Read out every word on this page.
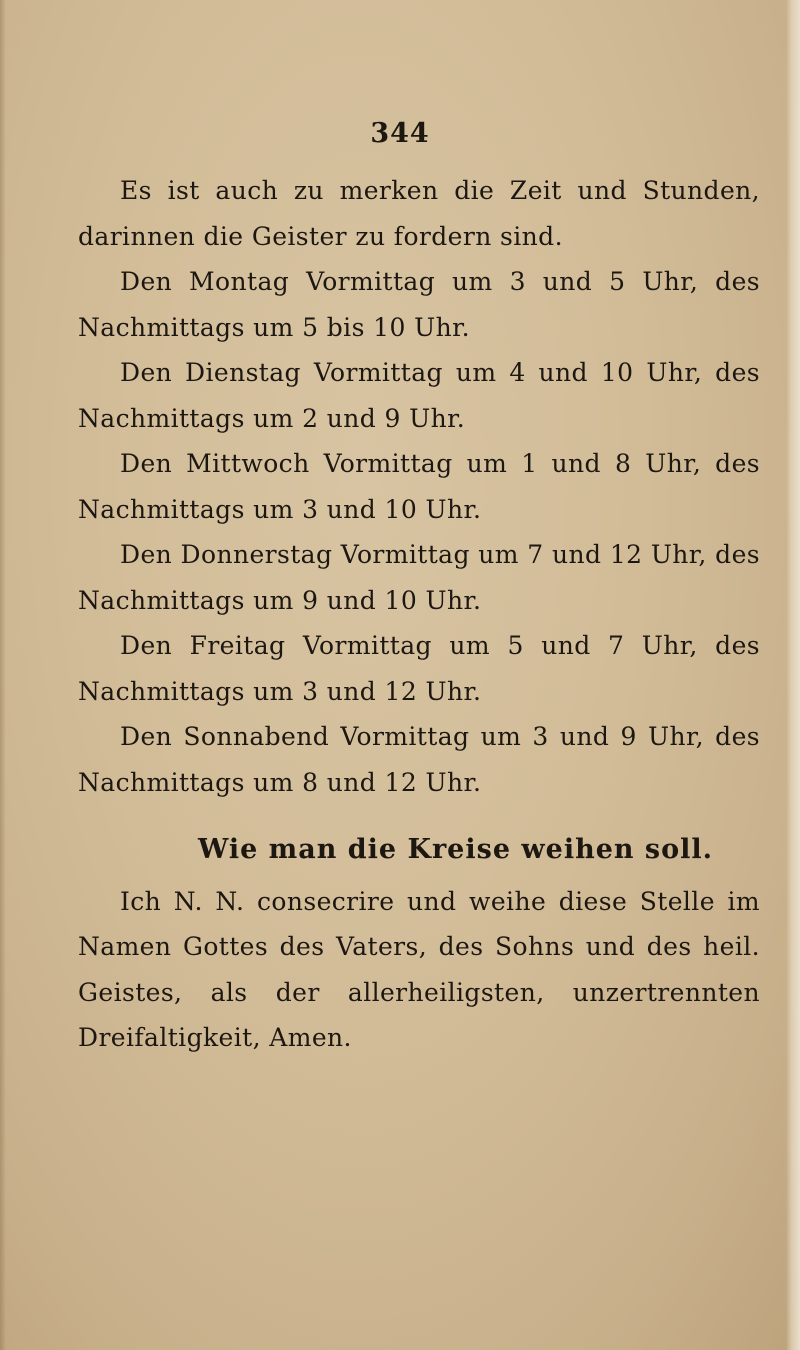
344

Es ist auch zu merken die Zeit und Stunden, darinnen die Geister zu fordern sind.

Den Montag Vormittag um 3 und 5 Uhr, des Nachmittags um 5 bis 10 Uhr.

Den Dienstag Vormittag um 4 und 10 Uhr, des Nachmittags um 2 und 9 Uhr.

Den Mittwoch Vormittag um 1 und 8 Uhr, des Nachmittags um 3 und 10 Uhr.

Den Donnerstag Vormittag um 7 und 12 Uhr, des Nachmittags um 9 und 10 Uhr.

Den Freitag Vormittag um 5 und 7 Uhr, des Nachmittags um 3 und 12 Uhr.

Den Sonnabend Vormittag um 3 und 9 Uhr, des Nachmittags um 8 und 12 Uhr.

Wie man die Kreise weihen soll.

Ich N. N. consecrire und weihe diese Stelle im Namen Gottes des Vaters, des Sohns und des heil. Geistes, als der allerheiligsten, unzertrennten Dreifaltigkeit, Amen.
